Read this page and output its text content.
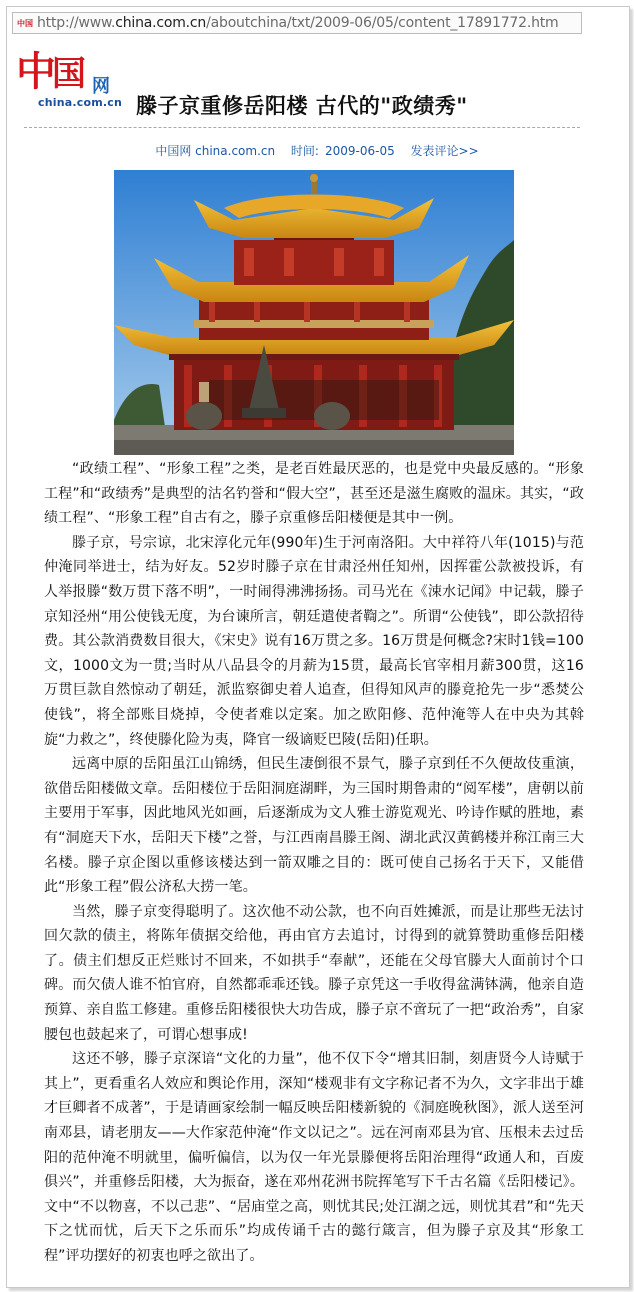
中国 http://www.china.com.cn/aboutchina/txt/2009-06/05/content_17891772.htm
中
国 网
china.com.cn 滕子京重修岳阳楼 古代的"政绩秀"
中国网 china.com.cn 时间: 2009-06-05 发表评论>>

“政绩工程”、“形象工程”之类，是老百姓最厌恶的，也是党中央最反感的。“形象工程”和“政绩秀”是典型的沽名钓誉和“假大空”，甚至还是滋生腐败的温床。其实，“政绩工程”、“形象工程”自古有之，滕子京重修岳阳楼便是其中一例。

滕子京，号宗谅，北宋淳化元年(990年)生于河南洛阳。大中祥符八年(1015)与范仲淹同举进士，结为好友。52岁时滕子京在甘肃泾州任知州，因挥霍公款被投诉，有人举报滕“数万贯下落不明”，一时闹得沸沸扬扬。司马光在《涑水记闻》中记载，滕子京知泾州“用公使钱无度，为台谏所言，朝廷遣使者鞫之”。所谓“公使钱”，即公款招待费。其公款消费数目很大，《宋史》说有16万贯之多。16万贯是何概念?宋时1钱=100文，1000文为一贯;当时从八品县令的月薪为15贯，最高长官宰相月薪300贯，这16万贯巨款自然惊动了朝廷，派监察御史着人追查，但得知风声的滕竟抢先一步“悉焚公使钱”，将全部账目烧掉，令使者难以定案。加之欧阳修、范仲淹等人在中央为其斡旋“力救之”，终使滕化险为夷，降官一级谪贬巴陵(岳阳)任职。

远离中原的岳阳虽江山锦绣，但民生凄倒很不景气，滕子京到任不久便故伎重演，欲借岳阳楼做文章。岳阳楼位于岳阳洞庭湖畔，为三国时期鲁肃的“阅军楼”，唐朝以前主要用于军事，因此地风光如画，后逐渐成为文人雅士游览观光、吟诗作赋的胜地，素有“洞庭天下水，岳阳天下楼”之誉，与江西南昌滕王阁、湖北武汉黄鹤楼并称江南三大名楼。滕子京企图以重修该楼达到一箭双雕之目的：既可使自己扬名于天下，又能借此“形象工程”假公济私大捞一笔。

当然，滕子京变得聪明了。这次他不动公款，也不向百姓摊派，而是让那些无法讨回欠款的债主，将陈年债据交给他，再由官方去追讨，讨得到的就算赞助重修岳阳楼了。债主们想反正烂账讨不回来，不如拱手“奉献”，还能在父母官滕大人面前讨个口碑。而欠债人谁不怕官府，自然都乖乖还钱。滕子京凭这一手收得盆满钵满，他亲自造预算、亲自监工修建。重修岳阳楼很快大功告成，滕子京不啻玩了一把“政治秀”，自家腰包也鼓起来了，可谓心想事成!

这还不够，滕子京深谙“文化的力量”，他不仅下令“增其旧制，刻唐贤今人诗赋于其上”，更看重名人效应和舆论作用，深知“楼观非有文字称记者不为久，文字非出于雄才巨卿者不成著”，于是请画家绘制一幅反映岳阳楼新貌的《洞庭晚秋图》，派人送至河南邓县，请老朋友——大作家范仲淹“作文以记之”。远在河南邓县为官、压根未去过岳阳的范仲淹不明就里，偏听偏信，以为仅一年光景滕便将岳阳治理得“政通人和，百废俱兴”，并重修岳阳楼，大为振奋，遂在邓州花洲书院挥笔写下千古名篇《岳阳楼记》。文中“不以物喜，不以己悲”、“居庙堂之高，则忧其民;处江湖之远，则忧其君”和“先天下之忧而忧，后天下之乐而乐”均成传诵千古的懿行箴言，但为滕子京及其“形象工程”评功摆好的初衷也呼之欲出了。
